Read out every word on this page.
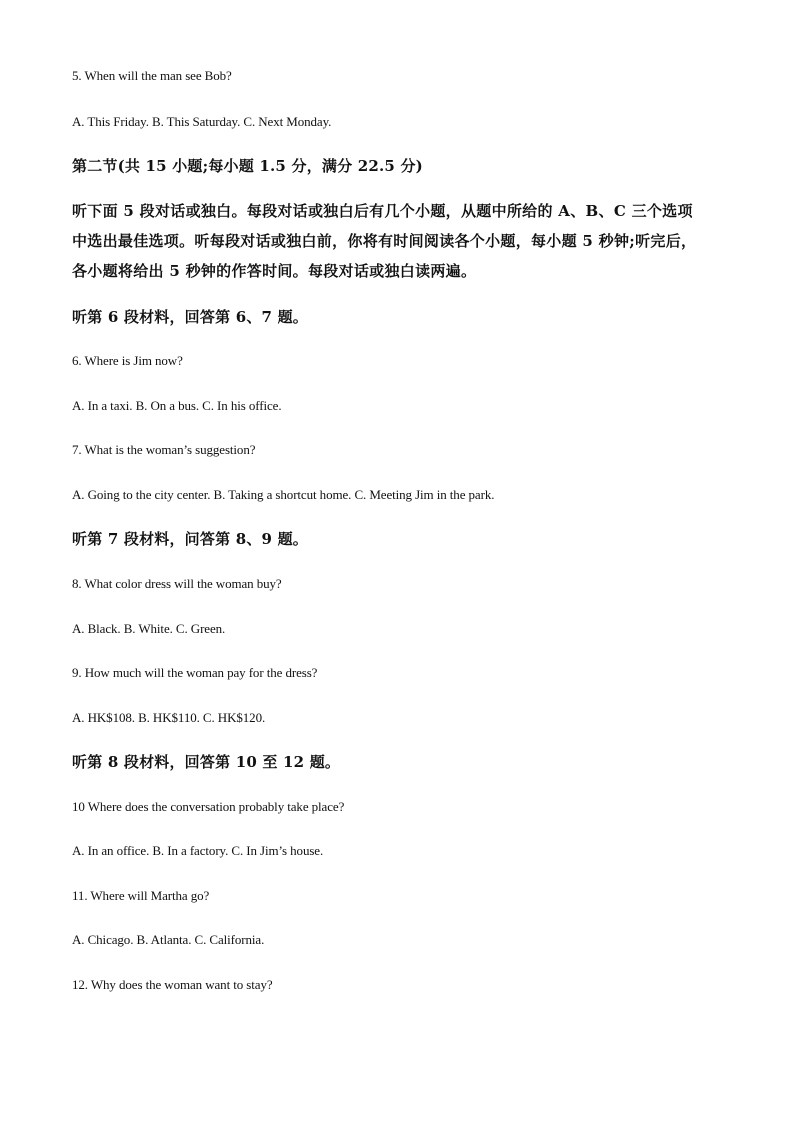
5. When will the man see Bob?
A. This Friday. B. This Saturday. C. Next Monday.
第二节(共 15 小题;每小题 1.5 分，满分 22.5 分)
听下面 5 段对话或独白。每段对话或独白后有几个小题，从题中所给的 A、B、C 三个选项
中选出最佳选项。听每段对话或独白前，你将有时间阅读各个小题，每小题 5 秒钟;听完后，
各小题将给出 5 秒钟的作答时间。每段对话或独白读两遍。
听第 6 段材料，回答第 6、7 题。
6. Where is Jim now?
A. In a taxi. B. On a bus. C. In his office.
7. What is the woman’s suggestion?
A. Going to the city center. B. Taking a shortcut home. C. Meeting Jim in the park.
听第 7 段材料，问答第 8、9 题。
8. What color dress will the woman buy?
A. Black. B. White. C. Green.
9. How much will the woman pay for the dress?
A. HK$108. B. HK$110. C. HK$120.
听第 8 段材料，回答第 10 至 12 题。
10 Where does the conversation probably take place?
A. In an office. B. In a factory. C. In Jim’s house.
11. Where will Martha go?
A. Chicago. B. Atlanta. C. California.
12. Why does the woman want to stay?
